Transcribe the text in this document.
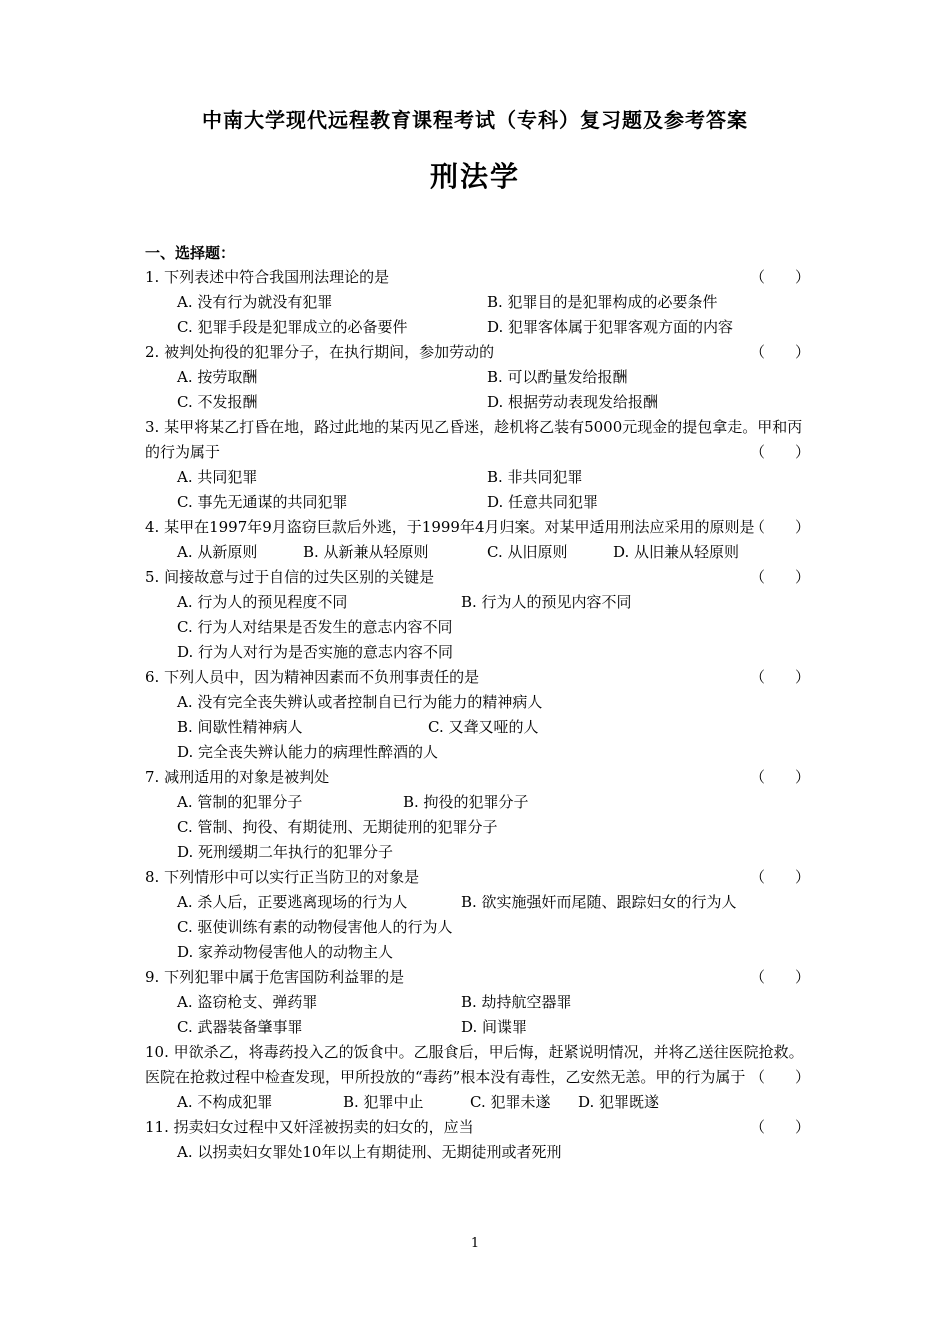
中南大学现代远程教育课程考试（专科）复习题及参考答案
刑法学
一、选择题：
1. 下列表述中符合我国刑法理论的是	（　　）
A. 没有行为就没有犯罪	B. 犯罪目的是犯罪构成的必要条件
C. 犯罪手段是犯罪成立的必备要件	D. 犯罪客体属于犯罪客观方面的内容
2. 被判处拘役的犯罪分子，在执行期间，参加劳动的	（　　）
A. 按劳取酬	B. 可以酌量发给报酬
C. 不发报酬	D. 根据劳动表现发给报酬
3. 某甲将某乙打昏在地，路过此地的某丙见乙昏迷，趁机将乙装有5000元现金的提包拿走。甲和丙的行为属于	（　　）
A. 共同犯罪	B. 非共同犯罪
C. 事先无通谋的共同犯罪	D. 任意共同犯罪
4. 某甲在1997年9月盗窃巨款后外逃，于1999年4月归案。对某甲适用刑法应采用的原则是
（　　）
A. 从新原则	B. 从新兼从轻原则	C. 从旧原则	D. 从旧兼从轻原则
5. 间接故意与过于自信的过失区别的关键是	（　　）
A. 行为人的预见程度不同	B. 行为人的预见内容不同
C. 行为人对结果是否发生的意志内容不同
D. 行为人对行为是否实施的意志内容不同
6. 下列人员中，因为精神因素而不负刑事责任的是	（　　）
A. 没有完全丧失辨认或者控制自已行为能力的精神病人
B. 间歇性精神病人	C. 又聋又哑的人
D. 完全丧失辨认能力的病理性醉酒的人
7. 减刑适用的对象是被判处	（　　）
A. 管制的犯罪分子	B. 拘役的犯罪分子
C. 管制、拘役、有期徒刑、无期徒刑的犯罪分子
D. 死刑缓期二年执行的犯罪分子
8. 下列情形中可以实行正当防卫的对象是	（　　）
A. 杀人后，正要逃离现场的行为人	B. 欲实施强奸而尾随、跟踪妇女的行为人
C. 驱使训练有素的动物侵害他人的行为人
D. 家养动物侵害他人的动物主人
9. 下列犯罪中属于危害国防利益罪的是	（　　）
A. 盗窃枪支、弹药罪	B. 劫持航空器罪
C. 武器装备肇事罪	D. 间谍罪
10. 甲欲杀乙，将毒药投入乙的饭食中。乙服食后，甲后悔，赶紧说明情况，并将乙送往医院抢救。医院在抢救过程中检查发现，甲所投放的“毒药”根本没有毒性，乙安然无恙。甲的行为属于 （　　）
A. 不构成犯罪	B. 犯罪中止	C. 犯罪未遂 D. 犯罪既遂
11. 拐卖妇女过程中又奸淫被拐卖的妇女的，应当	（　　）
A. 以拐卖妇女罪处10年以上有期徒刑、无期徒刑或者死刑
1
